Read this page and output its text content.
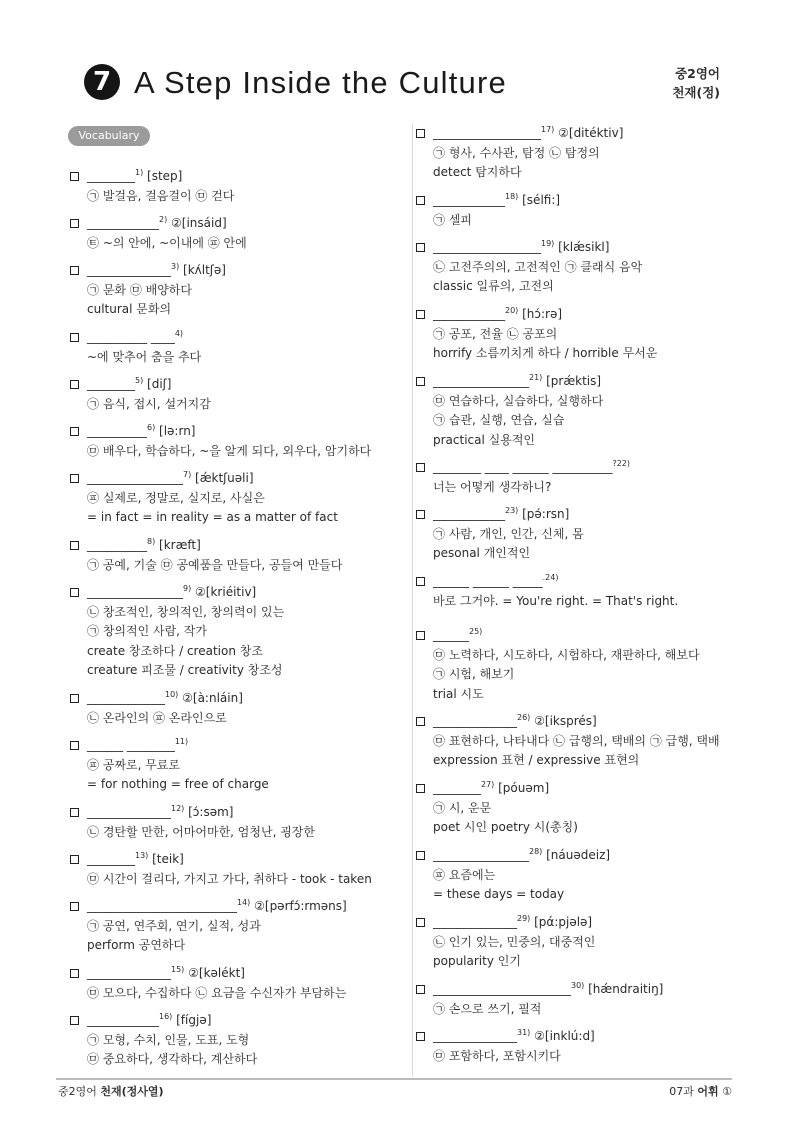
7 A Step Inside the Culture	중2영어
천재(정)
Vocabulary
________$^{1)}$ [step]
㉠ 발걸음, 걸음걸이 ㉤ 걷다
____________$^{2)}$ ②[insáid]
㉫ ~의 안에, ~이내에 ㉬ 안에
______________$^{3)}$ [kʌ́ltʃə]
㉠ 문화 ㉤ 배양하다
cultural 문화의
__________ ____$^{4)}$
~에 맞추어 춤을 추다
________$^{5)}$ [diʃ]
㉠ 음식, 접시, 설거지감
__________$^{6)}$ [lə:rn]
㉤ 배우다, 학습하다, ~을 알게 되다, 외우다, 암기하다
________________$^{7)}$ [ǽktʃuəli]
㉬ 실제로, 정말로, 실지로, 사실은
= in fact = in reality = as a matter of fact
__________$^{8)}$ [kræft]
㉠ 공예, 기술 ㉤ 공예품을 만들다, 공들여 만들다
________________$^{9)}$ ②[kriéitiv]
㉡ 창조적인, 창의적인, 창의력이 있는
㉠ 창의적인 사람, 작가
create 창조하다 / creation 창조
creature 피조물 / creativity 창조성
_____________$^{10)}$ ②[à:nláin]
㉡ 온라인의 ㉬ 온라인으로
______ ________$^{11)}$
㉬ 공짜로, 무료로
= for nothing = free of charge
______________$^{12)}$ [ɔ́:səm]
㉡ 경탄할 만한, 어마어마한, 엄청난, 굉장한
________$^{13)}$ [teik]
㉤ 시간이 걸리다, 가지고 가다, 취하다 - took - taken
_________________________$^{14)}$ ②[pərfɔ́:rməns]
㉠ 공연, 연주회, 연기, 실적, 성과
perform 공연하다
______________$^{15)}$ ②[kəlékt]
㉤ 모으다, 수집하다 ㉡ 요금을 수신자가 부담하는
____________$^{16)}$ [fígjə]
㉠ 모형, 수치, 인물, 도표, 도형
㉤ 중요하다, 생각하다, 계산하다
__________________$^{17)}$ ②[ditéktiv]
㉠ 형사, 수사관, 탐정 ㉡ 탐정의
detect 탐지하다
____________$^{18)}$ [sélfi:]
㉠ 셀피
__________________$^{19)}$ [klǽsikl]
㉡ 고전주의의, 고전적인 ㉠ 클래식 음악
classic 일류의, 고전의
____________$^{20)}$ [hɔ́:rə]
㉠ 공포, 전율 ㉡ 공포의
horrify 소름끼치게 하다 / horrible 무서운
________________$^{21)}$ [prǽktis]
㉤ 연습하다, 실습하다, 실행하다
㉠ 습관, 실행, 연습, 실습
practical 실용적인
________ ____ ______ __________$^{?22)}$
너는 어떻게 생각하니?
____________$^{23)}$ [pə́:rsn]
㉠ 사람, 개인, 인간, 신체, 몸
pesonal 개인적인
______ ______ _____$^{.24)}$
바로 그거야. = You're right. = That's right.
______$^{25)}$
㉤ 노력하다, 시도하다, 시험하다, 재판하다, 해보다
㉠ 시험, 해보기
trial 시도
______________$^{26)}$ ②[iksprés]
㉤ 표현하다, 나타내다 ㉡ 급행의, 택배의 ㉠ 급행, 택배
expression 표현 / expressive 표현의
________$^{27)}$ [póuəm]
㉠ 시, 운문
poet 시인 poetry 시(총칭)
________________$^{28)}$ [náuədeiz]
㉬ 요즘에는
= these days = today
______________$^{29)}$ [pά:pjələ]
㉡ 인기 있는, 민중의, 대중적인
popularity 인기
_______________________$^{30)}$ [hǽndraitiŋ]
㉠ 손으로 쓰기, 필적
______________$^{31)}$ ②[inklú:d]
㉤ 포함하다, 포함시키다
중2영어 천재(정사열)	07과 어휘 ①
